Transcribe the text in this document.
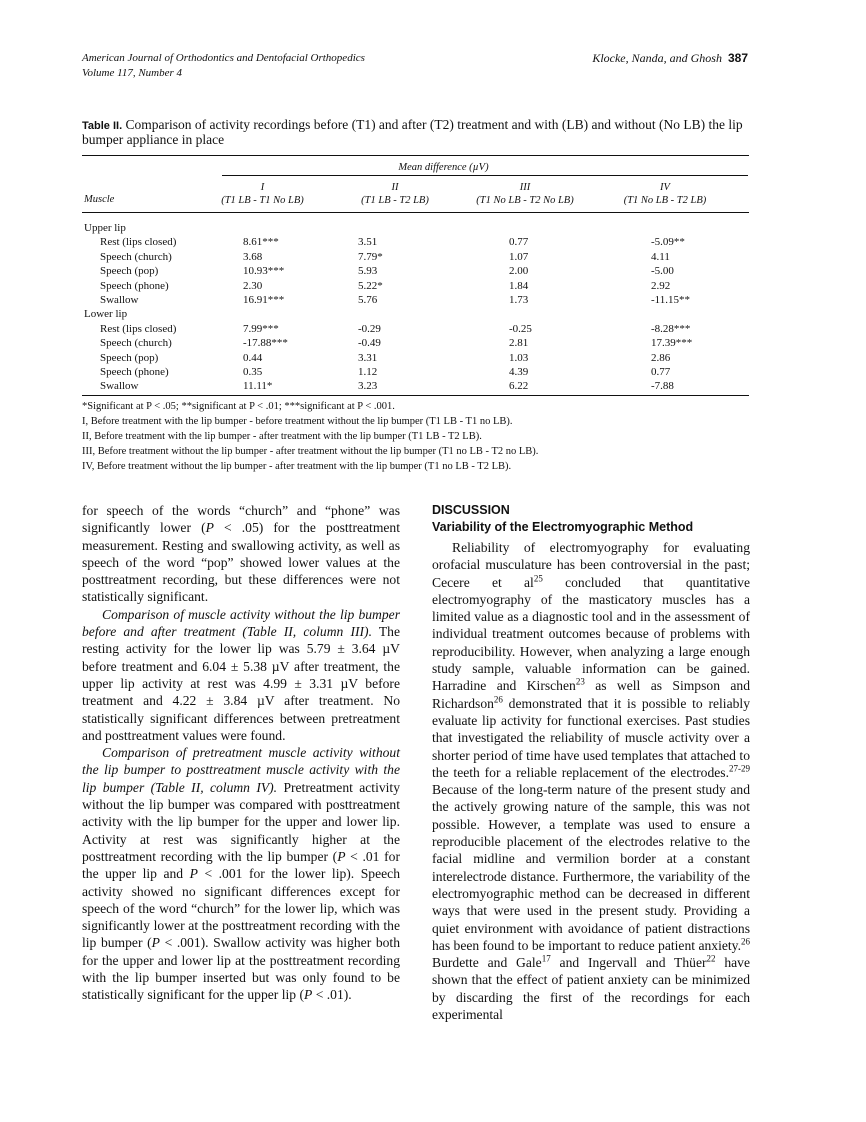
American Journal of Orthodontics and Dentofacial Orthopedics
Volume 117, Number 4
Klocke, Nanda, and Ghosh 387
Table II. Comparison of activity recordings before (T1) and after (T2) treatment and with (LB) and without (No LB) the lip bumper appliance in place
Mean difference (µV)
Muscle
I
(T1 LB - T1 No LB)
II
(T1 LB - T2 LB)
III
(T1 No LB - T2 No LB)
IV
(T1 No LB - T2 LB)
Upper lip
Rest (lips closed)	8.61***	3.51	0.77	-5.09**
Speech (church)	3.68	7.79*	1.07	4.11
Speech (pop)	10.93***	5.93	2.00	-5.00
Speech (phone)	2.30	5.22*	1.84	2.92
Swallow	16.91***	5.76	1.73	-11.15**
Lower lip
Rest (lips closed)	7.99***	-0.29	-0.25	-8.28***
Speech (church)	-17.88***	-0.49	2.81	17.39***
Speech (pop)	0.44	3.31	1.03	2.86
Speech (phone)	0.35	1.12	4.39	0.77
Swallow	11.11*	3.23	6.22	-7.88
*Significant at P < .05; **significant at P < .01; ***significant at P < .001.
I, Before treatment with the lip bumper - before treatment without the lip bumper (T1 LB - T1 no LB).
II, Before treatment with the lip bumper - after treatment with the lip bumper (T1 LB - T2 LB).
III, Before treatment without the lip bumper - after treatment without the lip bumper (T1 no LB - T2 no LB).
IV, Before treatment without the lip bumper - after treatment with the lip bumper (T1 no LB - T2 LB).

for speech of the words “church” and “phone” was significantly lower (P < .05) for the posttreatment measurement. Resting and swallowing activity, as well as speech of the word “pop” showed lower values at the posttreatment recording, but these differences were not statistically significant.

Comparison of muscle activity without the lip bumper before and after treatment (Table II, column III). The resting activity for the lower lip was 5.79 ± 3.64 µV before treatment and 6.04 ± 5.38 µV after treatment, the upper lip activity at rest was 4.99 ± 3.31 µV before treatment and 4.22 ± 3.84 µV after treatment. No statistically significant differences between pretreatment and posttreatment values were found.

Comparison of pretreatment muscle activity without the lip bumper to posttreatment muscle activity with the lip bumper (Table II, column IV). Pretreatment activity without the lip bumper was compared with posttreatment activity with the lip bumper for the upper and lower lip. Activity at rest was significantly higher at the posttreatment recording with the lip bumper (P < .01 for the upper lip and P < .001 for the lower lip). Speech activity showed no significant differences except for speech of the word “church” for the lower lip, which was significantly lower at the posttreatment recording with the lip bumper (P < .001). Swallow activity was higher both for the upper and lower lip at the posttreatment recording with the lip bumper inserted but was only found to be statistically significant for the upper lip (P < .01).

DISCUSSION
Variability of the Electromyographic Method

Reliability of electromyography for evaluating orofacial musculature has been controversial in the past; Cecere et $al^{25}$ concluded that quantitative electromyography of the masticatory muscles has a limited value as a diagnostic tool and in the assessment of individual treatment outcomes because of problems with reproducibility. However, when analyzing a large enough study sample, valuable information can be gained. Harradine and Kirschen$^{23}$ as well as Simpson and Richardson$^{26}$ demonstrated that it is possible to reliably evaluate lip activity for functional exercises. Past studies that investigated the reliability of muscle activity over a shorter period of time have used templates that attached to the teeth for a reliable replacement of the electrodes.$^{27-29}$ Because of the long-term nature of the present study and the actively growing nature of the sample, this was not possible. However, a template was used to ensure a reproducible placement of the electrodes relative to the facial midline and vermilion border at a constant interelectrode distance. Furthermore, the variability of the electromyographic method can be decreased in different ways that were used in the present study. Providing a quiet environment with avoidance of patient distractions has been found to be important to reduce patient anxiety.$^{26}$ Burdette and Gale$^{17}$ and Ingervall and Thüer$^{22}$ have shown that the effect of patient anxiety can be minimized by discarding the first of the recordings for each experimental
